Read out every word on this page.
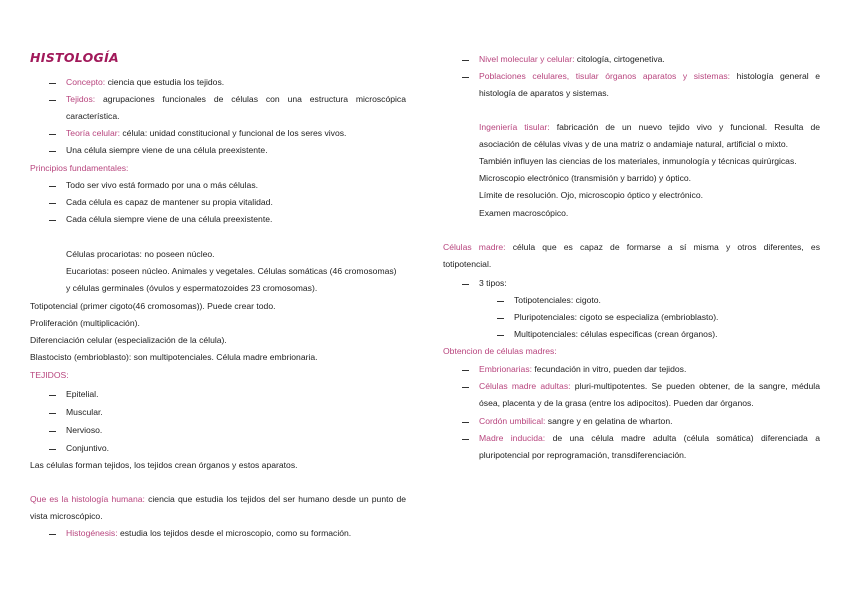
HISTOLOGÍA
Concepto: ciencia que estudia los tejidos.
Tejidos: agrupaciones funcionales de células con una estructura microscópica
característica.
Teoría celular: célula: unidad constitucional y funcional de los seres vivos.
Una célula siempre viene de una célula preexistente.
Principios fundamentales:
Todo ser vivo está formado por una o más células.
Cada célula es capaz de mantener su propia vitalidad.
Cada célula siempre viene de una célula preexistente.
Células procariotas: no poseen núcleo.
Eucariotas: poseen núcleo. Animales y vegetales. Células somáticas (46 cromosomas)
y células germinales (óvulos y espermatozoides 23 cromosomas).
Totipotencial (primer cigoto(46 cromosomas)). Puede crear todo.
Proliferación (multiplicación).
Diferenciación celular (especialización de la célula).
Blastocisto (embrioblasto): son multipotenciales. Célula madre embrionaria.
TEJIDOS:
Epitelial.
Muscular.
Nervioso.
Conjuntivo.
Las células forman tejidos, los tejidos crean órganos y estos aparatos.
Que es la histología humana: ciencia que estudia los tejidos del ser humano desde un punto de
vista microscópico.
Histogénesis: estudia los tejidos desde el microscopio, como su formación.
Nivel molecular y celular: citología, cirtogenetiva.
Poblaciones celulares, tisular órganos aparatos y sistemas: histología general e
histología de aparatos y sistemas.
Ingeniería tisular: fabricación de un nuevo tejido vivo y funcional. Resulta de
asociación de células vivas y de una matriz o andamiaje natural, artificial o mixto.
También influyen las ciencias de los materiales, inmunología y técnicas quirúrgicas.
Microscopio electrónico (transmisión y barrido) y óptico.
Límite de resolución. Ojo, microscopio óptico y electrónico.
Examen macroscópico.
Células madre: célula que es capaz de formarse a sí misma y otros diferentes, es
totipotencial.
3 tipos:
Totipotenciales: cigoto.
Pluripotenciales: cigoto se especializa (embrioblasto).
Multipotenciales: células especificas (crean órganos).
Obtencion de células madres:
Embrionarias: fecundación in vitro, pueden dar tejidos.
Células madre adultas: pluri-multipotentes. Se pueden obtener, de la sangre, médula
ósea, placenta y de la grasa (entre los adipocitos). Pueden dar órganos.
Cordón umbilical: sangre y en gelatina de wharton.
Madre inducida: de una célula madre adulta (célula somática) diferenciada a
pluripotencial por reprogramación, transdiferenciación.
